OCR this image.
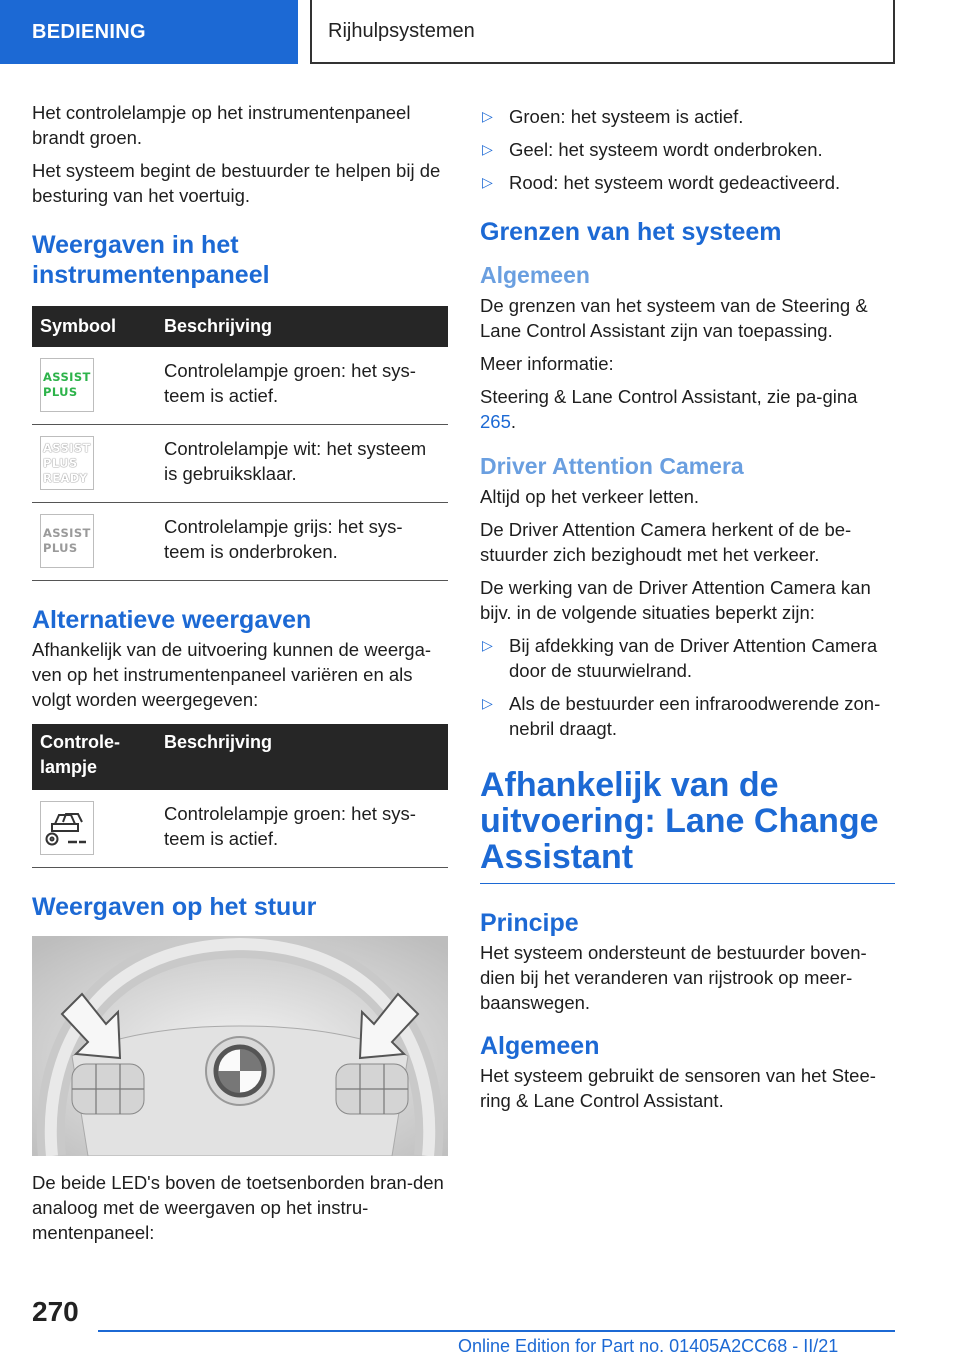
BEDIENING	Rijhulpsystemen

Het controlelampje op het instrumentenpaneel brandt groen.

Het systeem begint de bestuurder te helpen bij de besturing van het voertuig.

Weergaven in het instrumentenpaneel
Symbool	Beschrijving

ASSIST
PLUS	Controlelampje groen: het sys-teem is actief.

ASSIST
PLUS
READY	Controlelampje wit: het systeem is gebruiksklaar.

ASSIST
PLUS	Controlelampje grijs: het sys-teem is onderbroken.
Alternatieve weergaven

Afhankelijk van de uitvoering kunnen de weerga-ven op het instrumentenpaneel variëren en als volgt worden weergegeven:

Controle-lampje	Beschrijving

	Controlelampje groen: het sys-teem is actief.
Weergaven op het stuur

De beide LED's boven de toetsenborden bran-den analoog met de weergaven op het instru-mentenpaneel:

▷ Groen: het systeem is actief.
▷ Geel: het systeem wordt onderbroken.
▷ Rood: het systeem wordt gedeactiveerd.
Grenzen van het systeem
Algemeen

De grenzen van het systeem van de Steering & Lane Control Assistant zijn van toepassing.

Meer informatie:

Steering & Lane Control Assistant, zie pa-gina 265.

Driver Attention Camera

Altijd op het verkeer letten.

De Driver Attention Camera herkent of de be-stuurder zich bezighoudt met het verkeer.

De werking van de Driver Attention Camera kan bijv. in de volgende situaties beperkt zijn:

▷ Bij afdekking van de Driver Attention Camera door de stuurwielrand.
▷ Als de bestuurder een infraroodwerende zon-nebril draagt.
Afhankelijk van de uitvoering: Lane Change Assistant
Principe

Het systeem ondersteunt de bestuurder boven-dien bij het veranderen van rijstrook op meer-baanswegen.

Algemeen

Het systeem gebruikt de sensoren van het Stee-ring & Lane Control Assistant.

270
Online Edition for Part no. 01405A2CC68 - II/21
